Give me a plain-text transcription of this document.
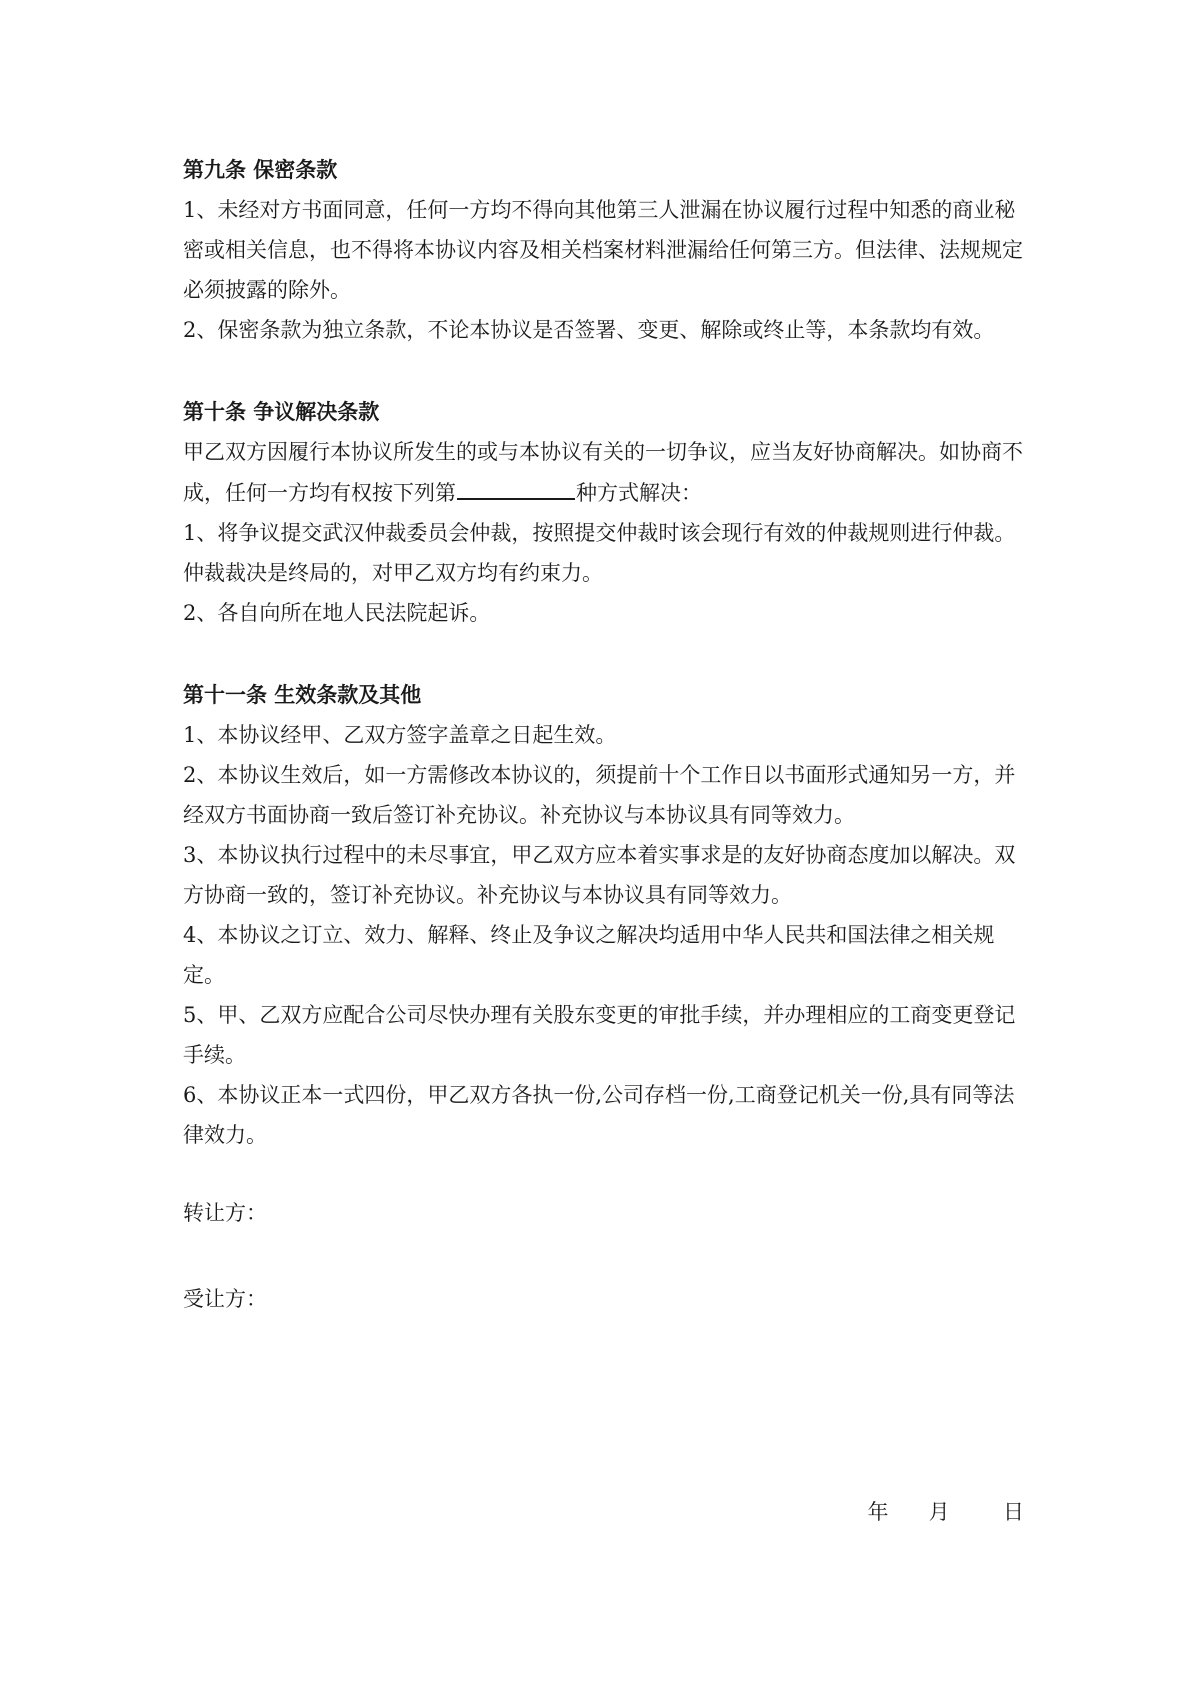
第九条 保密条款

1、未经对方书面同意，任何一方均不得向其他第三人泄漏在协议履行过程中知悉的商业秘密或相关信息，也不得将本协议内容及相关档案材料泄漏给任何第三方。但法律、法规规定必须披露的除外。

2、保密条款为独立条款，不论本协议是否签署、变更、解除或终止等，本条款均有效。

第十条 争议解决条款

甲乙双方因履行本协议所发生的或与本协议有关的一切争议，应当友好协商解决。如协商不成，任何一方均有权按下列第	种方式解决：

1、将争议提交武汉仲裁委员会仲裁，按照提交仲裁时该会现行有效的仲裁规则进行仲裁。仲裁裁决是终局的，对甲乙双方均有约束力。

2、各自向所在地人民法院起诉。

第十一条 生效条款及其他

1、本协议经甲、乙双方签字盖章之日起生效。

2、本协议生效后，如一方需修改本协议的，须提前十个工作日以书面形式通知另一方，并经双方书面协商一致后签订补充协议。补充协议与本协议具有同等效力。

3、本协议执行过程中的未尽事宜，甲乙双方应本着实事求是的友好协商态度加以解决。双方协商一致的，签订补充协议。补充协议与本协议具有同等效力。

4、本协议之订立、效力、解释、终止及争议之解决均适用中华人民共和国法律之相关规定。

5、甲、乙双方应配合公司尽快办理有关股东变更的审批手续，并办理相应的工商变更登记手续。

6、本协议正本一式四份，甲乙双方各执一份,公司存档一份,工商登记机关一份,具有同等法律效力。

转让方：

受让方：

年 月	日
